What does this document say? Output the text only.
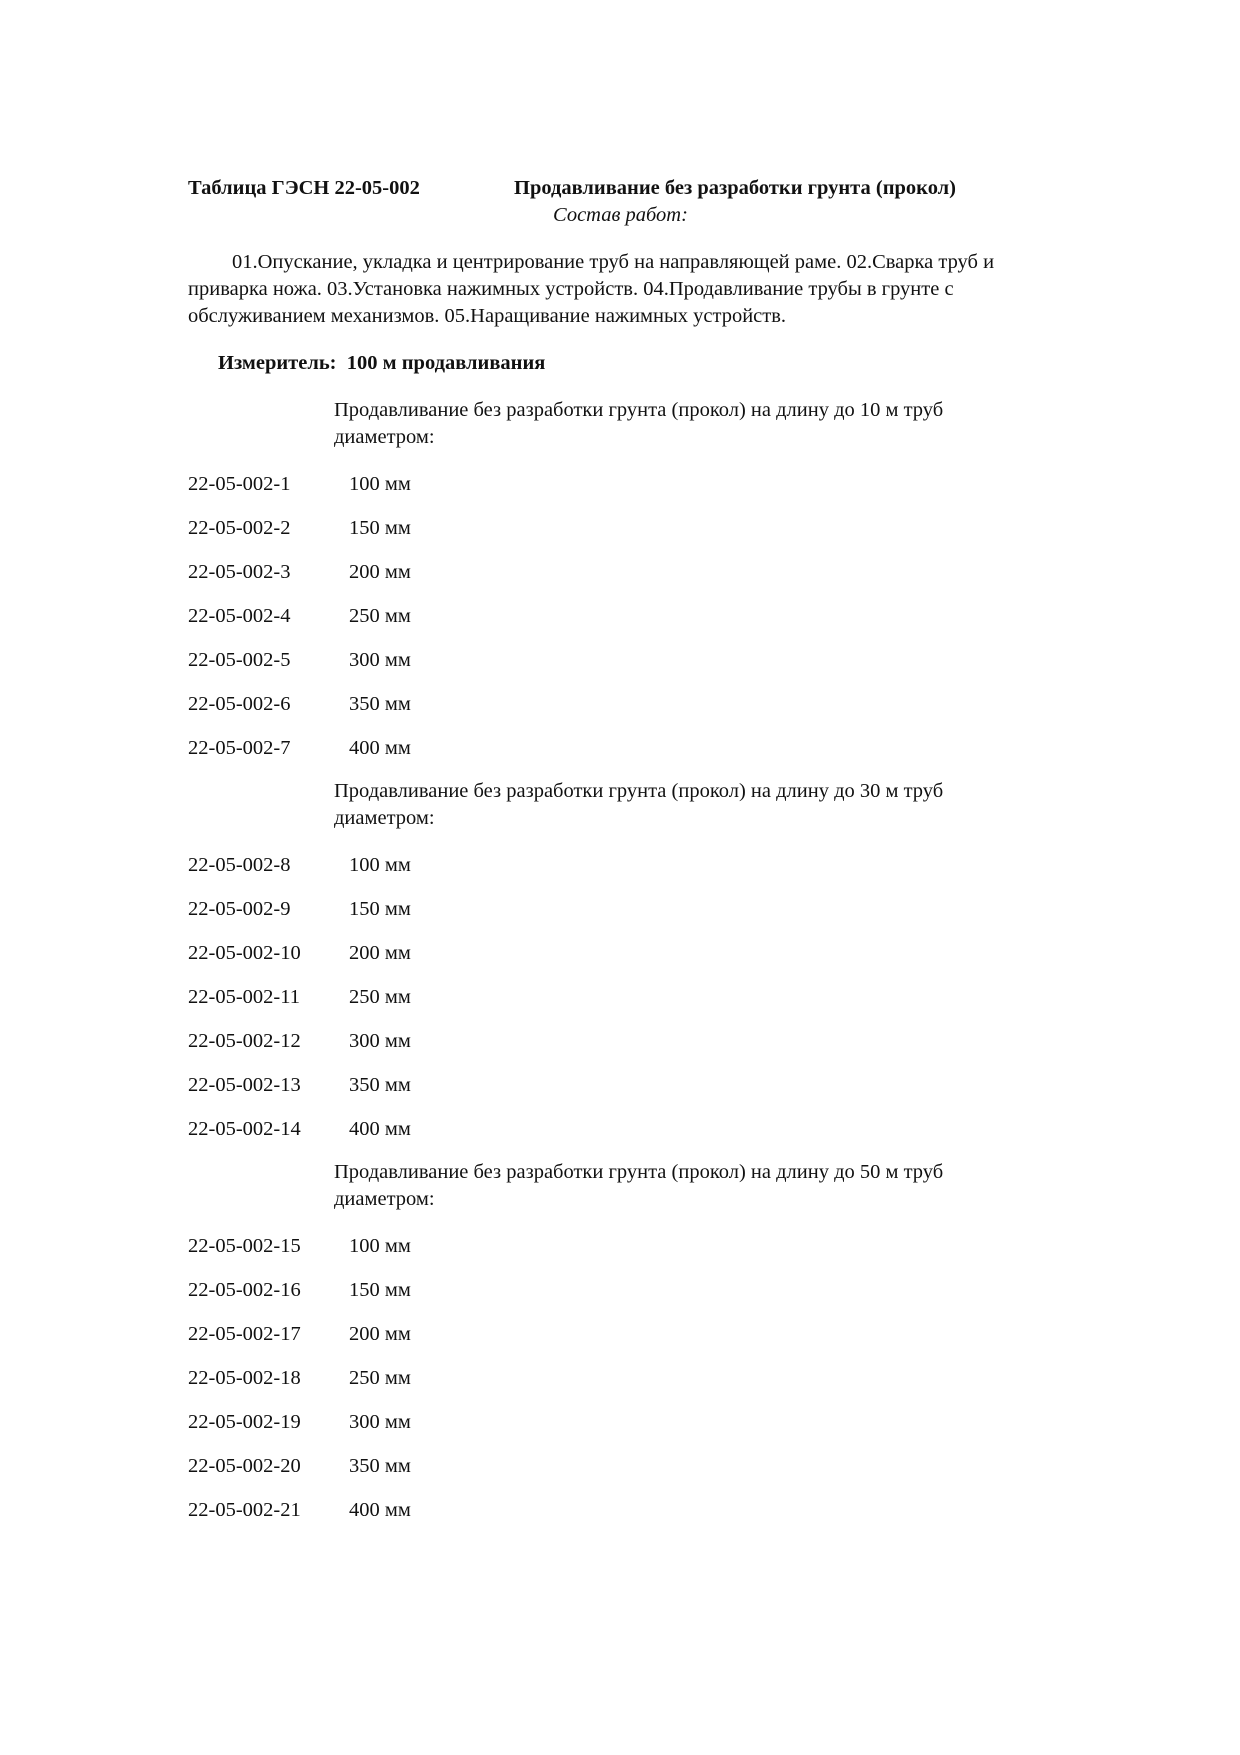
Таблица ГЭСН 22-05-002	Продавливание без разработки грунта (прокол)
Состав работ:
01.Опускание, укладка и центрирование труб на направляющей раме. 02.Сварка труб и приварка ножа. 03.Установка нажимных устройств. 04.Продавливание трубы в грунте с обслуживанием механизмов. 05.Наращивание нажимных устройств.
Измеритель: 100 м продавливания
Продавливание без разработки грунта (прокол) на длину до 10 м труб диаметром:
Продавливание без разработки грунта (прокол) на длину до 30 м труб диаметром:
Продавливание без разработки грунта (прокол) на длину до 50 м труб диаметром:
22-05-002-1	100 мм
22-05-002-2	150 мм
22-05-002-3	200 мм
22-05-002-4	250 мм
22-05-002-5	300 мм
22-05-002-6	350 мм
22-05-002-7	400 мм
22-05-002-8	100 мм
22-05-002-9	150 мм
22-05-002-10 200 мм
22-05-002-11 250 мм
22-05-002-12 300 мм
22-05-002-13 350 мм
22-05-002-14 400 мм
22-05-002-15 100 мм
22-05-002-16 150 мм
22-05-002-17 200 мм
22-05-002-18 250 мм
22-05-002-19 300 мм
22-05-002-20 350 мм
22-05-002-21 400 мм
